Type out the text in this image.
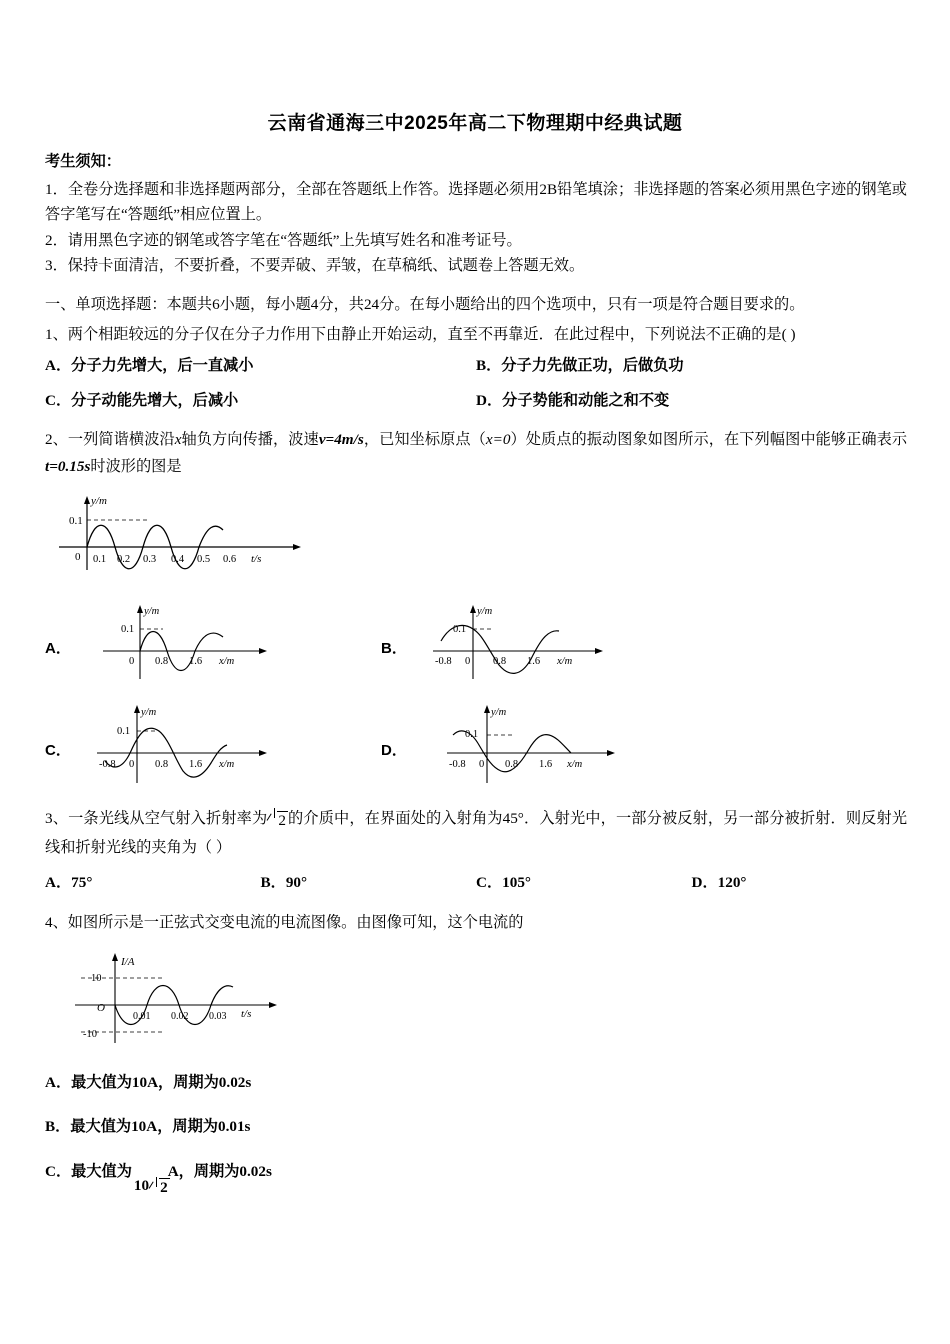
云南省通海三中2025年高二下物理期中经典试题
考生须知：
1．全卷分选择题和非选择题两部分，全部在答题纸上作答。选择题必须用2B铅笔填涂；非选择题的答案必须用黑色字迹的钢笔或答字笔写在“答题纸”相应位置上。
2．请用黑色字迹的钢笔或答字笔在“答题纸”上先填写姓名和准考证号。
3．保持卡面清洁，不要折叠，不要弄破、弄皱，在草稿纸、试题卷上答题无效。
一、单项选择题：本题共6小题，每小题4分，共24分。在每小题给出的四个选项中，只有一项是符合题目要求的。
1、两个相距较远的分子仅在分子力作用下由静止开始运动，直至不再靠近．在此过程中，下列说法不正确的是( )
A．分子力先增大，后一直减小	B．分子力先做正功，后做负功
C．分子动能先增大，后减小	D．分子势能和动能之和不变
2、一列简谐横波沿x轴负方向传播，波速v=4m/s，已知坐标原点（x=0）处质点的振动图象如图所示，在下列幅图中能够正确表示t=0.15s时波形的图是
y/m
0.1
0 0.1 0.2 0.3 0.4 0.5 0.6 t/s
A．
y/m
0.1
0 0.8 1.6 x/m
B．
y/m
0.1
-0.8 0 0.8 1.6 x/m
C．
y/m
0.1
-0.8 0 0.8 1.6 x/m
D．
y/m
0.1
-0.8 0 0.8 1.6 x/m
3、一条光线从空气射入折射率为 2 的介质中，在界面处的入射角为45°．入射光中，一部分被反射，另一部分被折射．则反射光线和折射光线的夹角为（ ）
A．75°	B．90°	C．105°	D．120°
4、如图所示是一正弦式交变电流的电流图像。由图像可知，这个电流的
I/A
10
-10
O
0.01 0.02 0.03 t/s
A．最大值为10A，周期为0.02s
B．最大值为10A，周期为0.01s
C．最大值为10 2A，周期为0.02s
